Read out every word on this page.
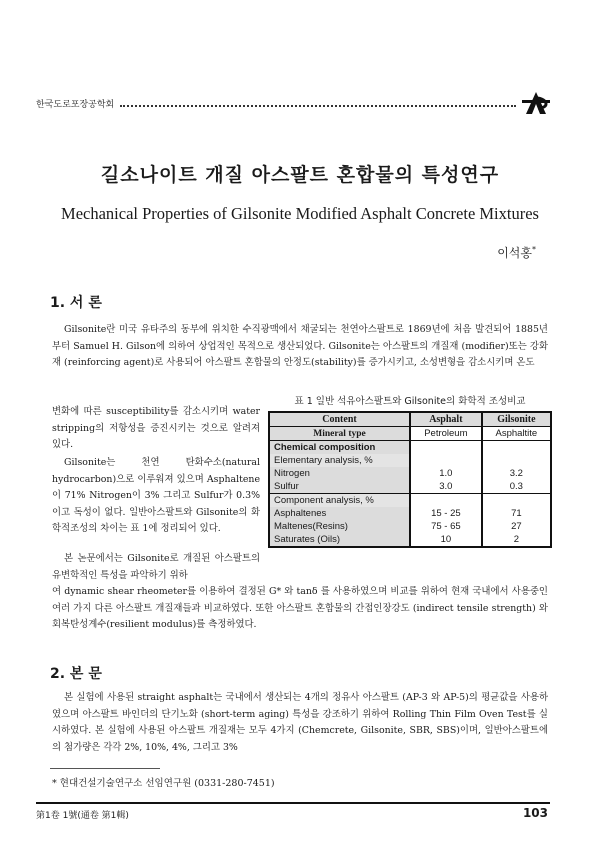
한국도로포장공학회
길소나이트 개질 아스팔트 혼합물의 특성연구
Mechanical Properties of Gilsonite Modified Asphalt Concrete Mixtures
이석홍*
1. 서 론

Gilsonite란 미국 유타주의 동부에 위치한 수직광맥에서 채굴되는 천연아스팔트로 1869년에 처음 발견되어 1885년부터 Samuel H. Gilson에 의하여 상업적인 목적으로 생산되었다. Gilsonite는 아스팔트의 개질재 (modifier)또는 강화재 (reinforcing agent)로 사용되어 아스팔트 혼합물의 안정도(stability)를 증가시키고, 소성변형을 감소시키며 온도

변화에 따른 susceptibility를 감소시키며 water stripping의 저항성을 증진시키는 것으로 알려져 있다.

Gilsonite는 천연 탄화수소(natural hydrocarbon)으로 이루워져 있으며 Asphaltene이 71% Nitrogen이 3% 그리고 Sulfur가 0.3%이고 독성이 없다. 일반아스팔트와 Gilsonite의 화학적조성의 차이는 표 1에 정리되어 있다.

본 논문에서는 Gilsonite로 개질된 아스팔트의 유변학적인 특성을 파악하기 위하

여 dynamic shear rheometer를 이용하여 결정된 G* 와 tanδ 를 사용하였으며 비교를 위하여 현재 국내에서 사용중인 여러 가지 다른 아스팔트 개질재들과 비교하였다. 또한 아스팔트 혼합물의 간접인장강도 (indirect tensile strength) 와 회복탄성계수(resilient modulus)를 측정하였다.

표 1 일반 석유아스팔트와 Gilsonite의 화학적 조성비교
Content	Asphalt	Gilsonite
Mineral type	Petroleum	Asphaltite
Chemical composition		
Elementary analysis, %		
Nitrogen	1.0	3.2
Sulfur	3.0	0.3
Component analysis, %		
Asphaltenes	15 - 25	71
Maltenes(Resins)	75 - 65	27
Saturates (Oils)	10	2
2. 본 문

본 실험에 사용된 straight asphalt는 국내에서 생산되는 4개의 정유사 아스팔트 (AP-3 와 AP-5)의 평균값을 사용하였으며 아스팔트 바인더의 단기노화 (short-term aging) 특성을 강조하기 위하여 Rolling Thin Film Oven Test를 실시하였다. 본 실험에 사용된 아스팔트 개질재는 모두 4가지 (Chemcrete, Gilsonite, SBR, SBS)이며, 일반아스팔트에의 첨가량은 각각 2%, 10%, 4%, 그리고 3%

* 현대건설기술연구소 선임연구원 (0331-280-7451)
第1卷 1號(通卷 第1輯)	103
